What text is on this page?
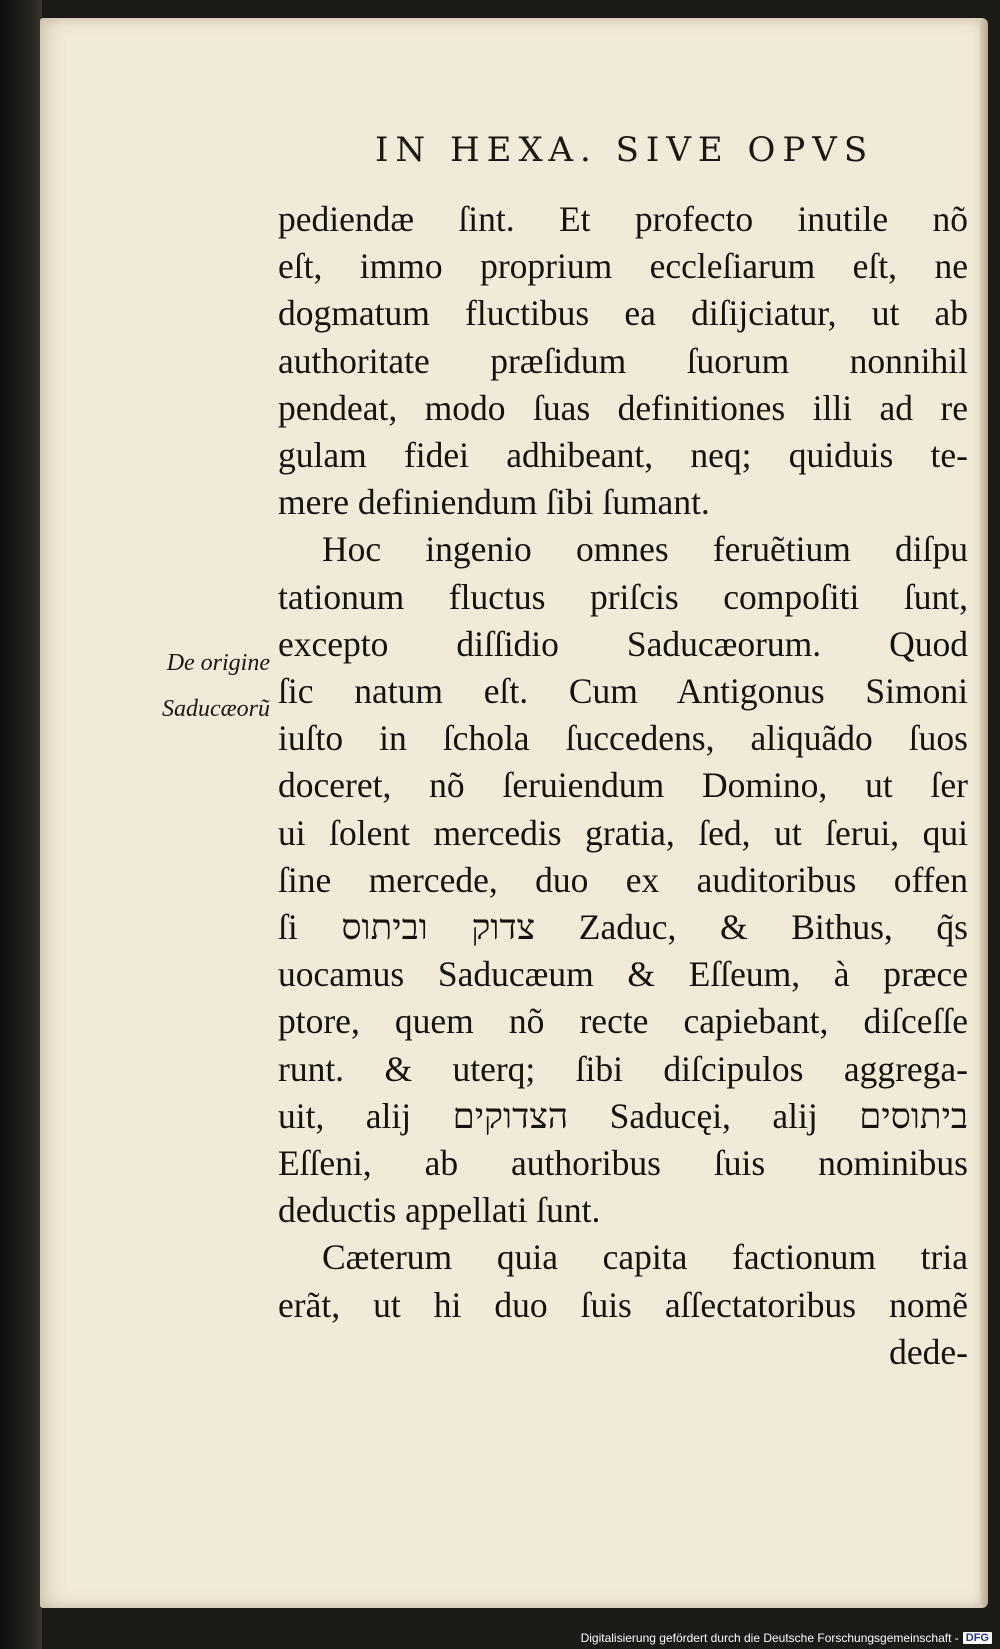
IN HEXA. SIVE OPVS
De origine
Saducæorũ
pediendæ ſint. Et profecto inutile nõ
eſt, immo proprium eccleſiarum eſt, ne
dogmatum fluctibus ea diſijciatur, ut ab
authoritate præſidum ſuorum nonnihil
pendeat, modo ſuas definitiones illi ad re
gulam fidei adhibeant, neq; quiduis te-
mere definiendum ſibi ſumant.
Hoc ingenio omnes feruẽtium diſpu
tationum fluctus priſcis compoſiti ſunt,
excepto diſſidio Saducæorum. Quod
ſic natum eſt. Cum Antigonus Simoni
iuſto in ſchola ſuccedens, aliquãdo ſuos
doceret, nõ ſeruiendum Domino, ut ſer
ui ſolent mercedis gratia, ſed, ut ſerui, qui
ſine mercede, duo ex auditoribus offen
ſi צדוק וביתוס Zaduc, & Bithus, q̃s
uocamus Saducæum & Eſſeum, à præce
ptore, quem nõ recte capiebant, diſceſſe
runt. & uterq; ſibi diſcipulos aggrega-
uit, alij הצדוקים Saducęi, alij ביתוסים
Eſſeni, ab authoribus ſuis nominibus
deductis appellati ſunt.
Cæterum quia capita factionum tria
erãt, ut hi duo ſuis aſſectatoribus nomẽ
dede-
Digitalisierung gefördert durch die Deutsche Forschungsgemeinschaft - DFG
